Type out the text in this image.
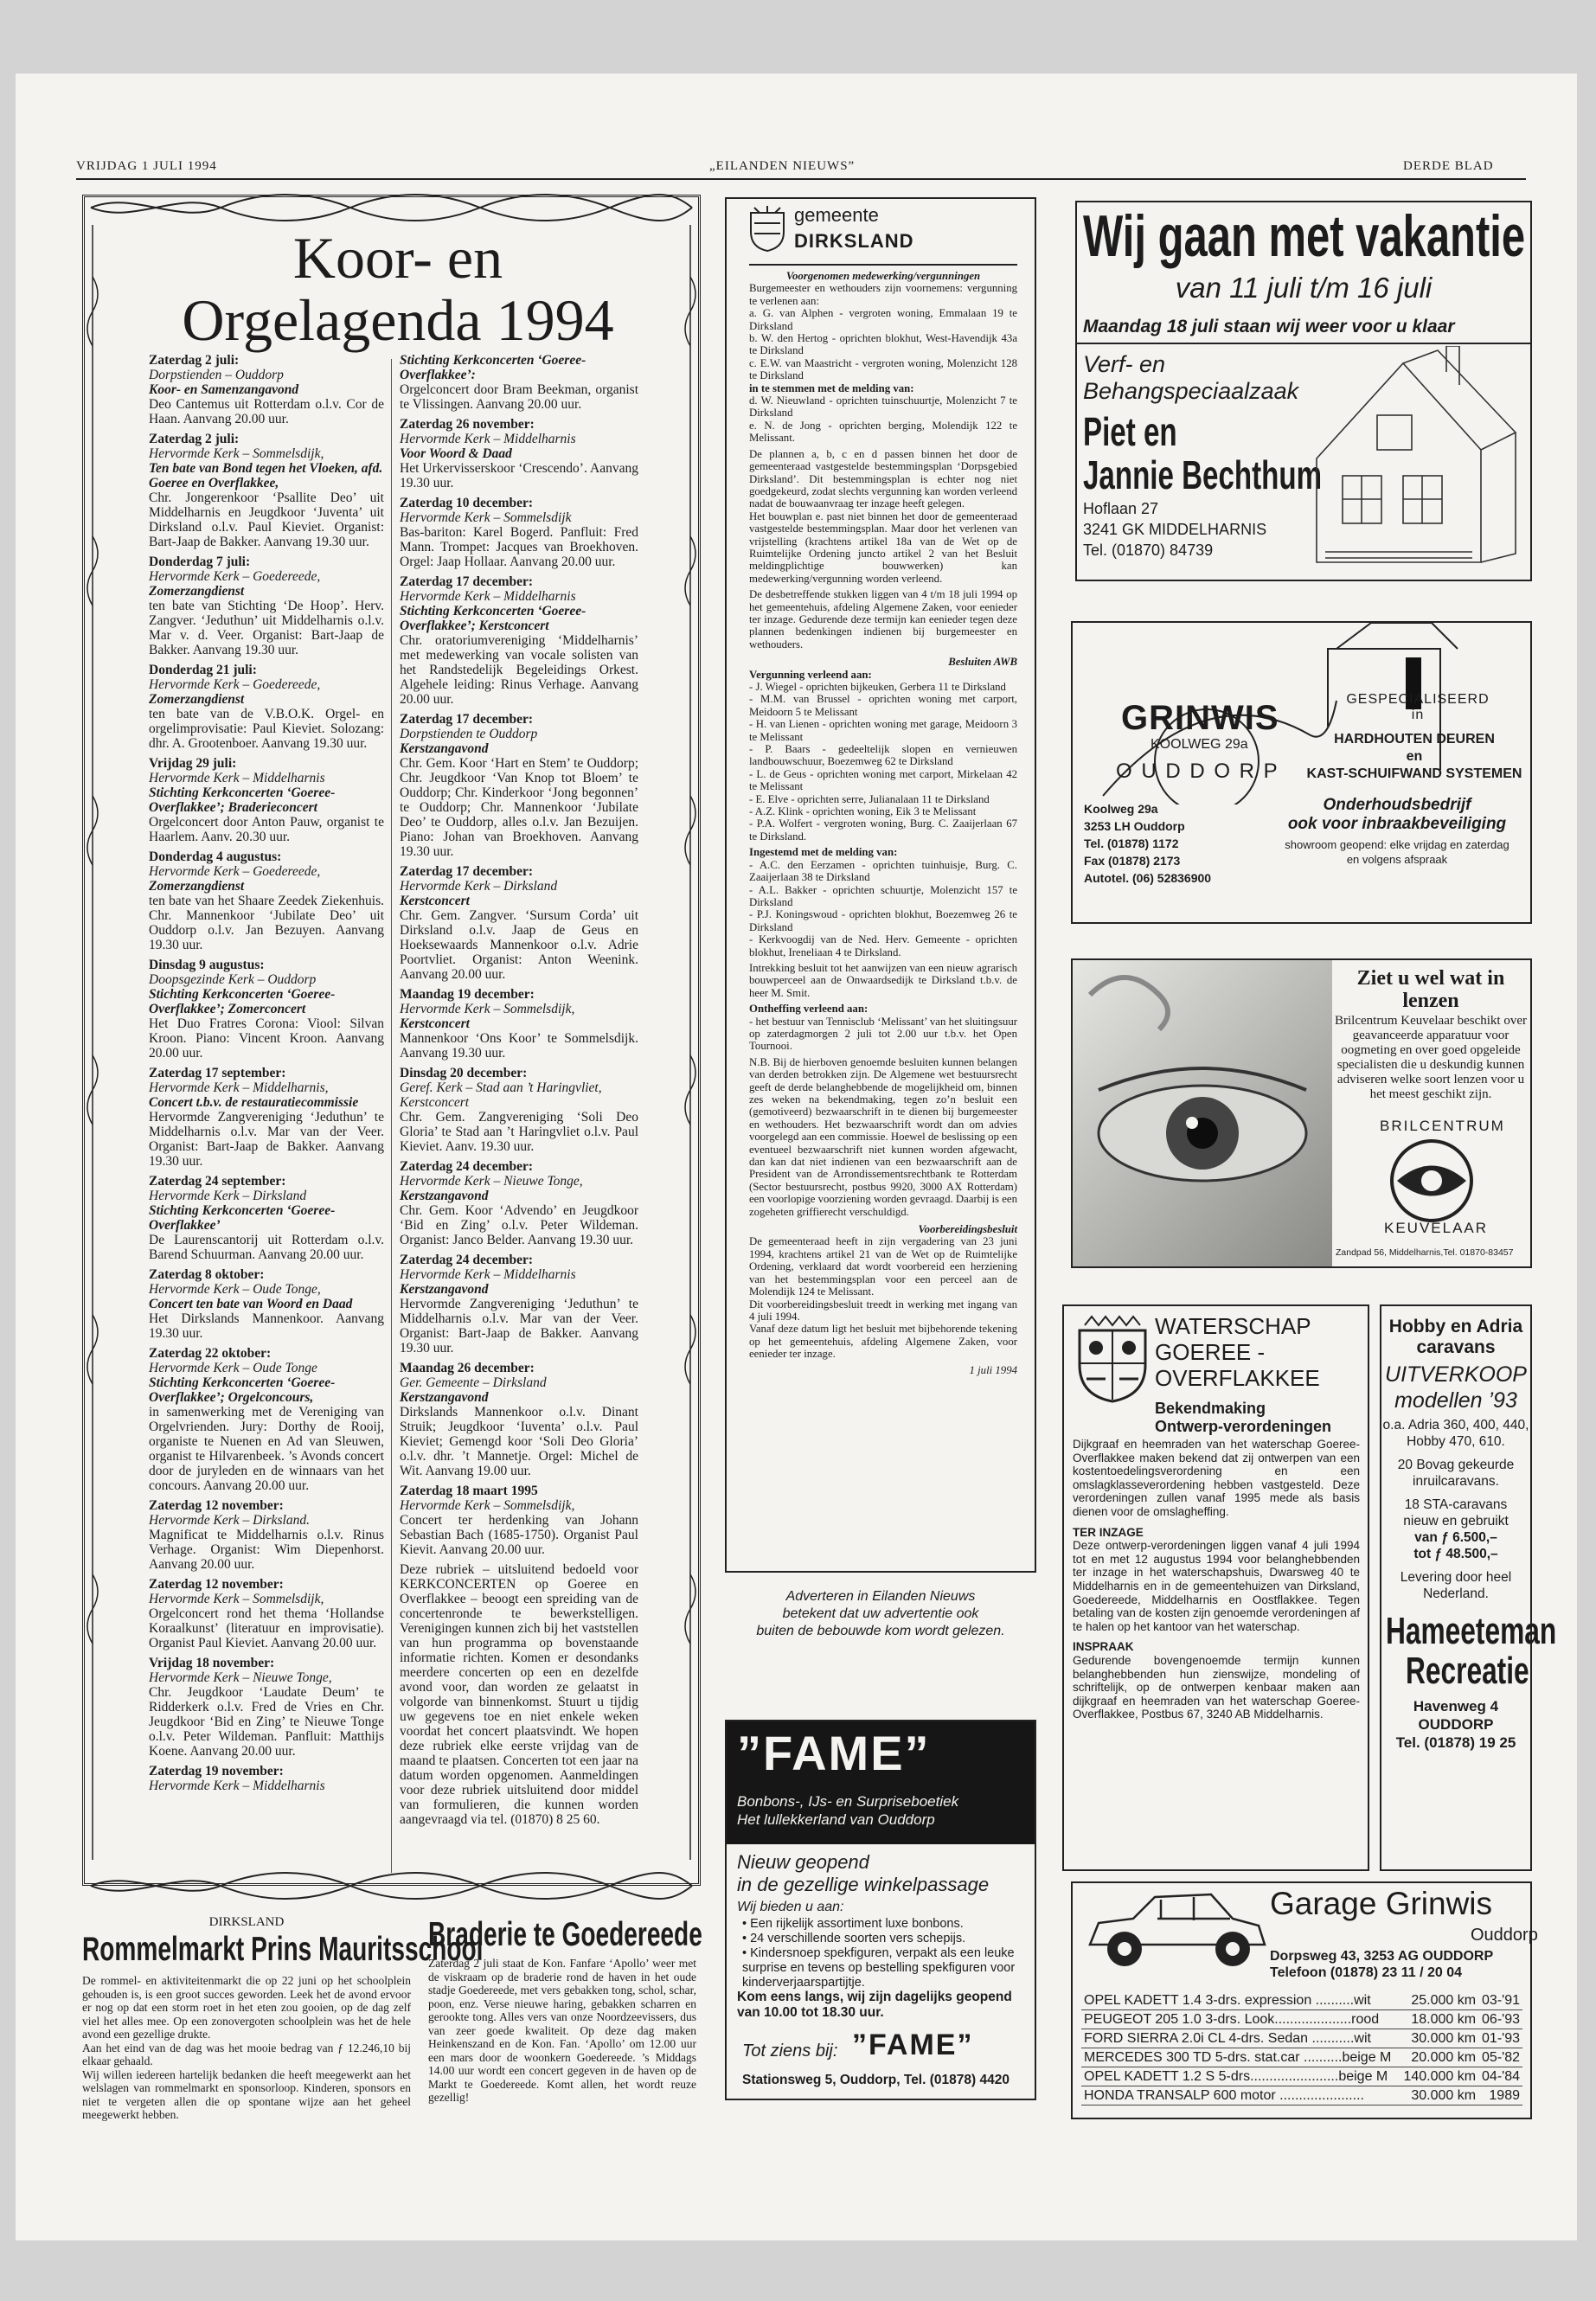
VRIJDAG 1 JULI 1994	„EILANDEN NIEUWS”	DERDE BLAD
Koor- en
Orgelagenda 1994
Zaterdag 2 juli:
Dorpstienden – Ouddorp
Koor- en Samenzangavond

Deo Cantemus uit Rotterdam o.l.v. Cor de Haan. Aanvang 20.00 uur.

Zaterdag 2 juli:
Hervormde Kerk – Sommelsdijk,
Ten bate van Bond tegen het Vloeken, afd. Goeree en Overflakkee,

Chr. Jongerenkoor ‘Psallite Deo’ uit Middelharnis en Jeugdkoor ‘Juventa’ uit Dirksland o.l.v. Paul Kieviet. Organist: Bart-Jaap de Bakker. Aanvang 19.30 uur.

Donderdag 7 juli:
Hervormde Kerk – Goedereede,
Zomerzangdienst

ten bate van Stichting ‘De Hoop’. Herv. Zangver. ‘Jeduthun’ uit Middelharnis o.l.v. Mar v. d. Veer. Organist: Bart-Jaap de Bakker. Aanvang 19.30 uur.

Donderdag 21 juli:
Hervormde Kerk – Goedereede,
Zomerzangdienst

ten bate van de V.B.O.K. Orgel- en orgelimprovisatie: Paul Kieviet. Solozang: dhr. A. Grootenboer. Aanvang 19.30 uur.

Vrijdag 29 juli:
Hervormde Kerk – Middelharnis
Stichting Kerkconcerten ‘Goeree-Overflakkee’; Braderieconcert

Orgelconcert door Anton Pauw, organist te Haarlem. Aanv. 20.30 uur.

Donderdag 4 augustus:
Hervormde Kerk – Goedereede,
Zomerzangdienst

ten bate van het Shaare Zeedek Ziekenhuis. Chr. Mannenkoor ‘Jubilate Deo’ uit Ouddorp o.l.v. Jan Bezuyen. Aanvang 19.30 uur.

Dinsdag 9 augustus:
Doopsgezinde Kerk – Ouddorp
Stichting Kerkconcerten ‘Goeree-Overflakkee’; Zomerconcert

Het Duo Fratres Corona: Viool: Silvan Kroon. Piano: Vincent Kroon. Aanvang 20.00 uur.

Zaterdag 17 september:
Hervormde Kerk – Middelharnis,
Concert t.b.v. de restauratiecommissie

Hervormde Zangvereniging ‘Jeduthun’ te Middelharnis o.l.v. Mar van der Veer. Organist: Bart-Jaap de Bakker. Aanvang 19.30 uur.

Zaterdag 24 september:
Hervormde Kerk – Dirksland
Stichting Kerkconcerten ‘Goeree-Overflakkee’

De Laurenscantorij uit Rotterdam o.l.v. Barend Schuurman. Aanvang 20.00 uur.

Zaterdag 8 oktober:
Hervormde Kerk – Oude Tonge,
Concert ten bate van Woord en Daad

Het Dirkslands Mannenkoor. Aanvang 19.30 uur.

Zaterdag 22 oktober:
Hervormde Kerk – Oude Tonge
Stichting Kerkconcerten ‘Goeree-Overflakkee’; Orgelconcours,

in samenwerking met de Vereniging van Orgelvrienden. Jury: Dorthy de Rooij, organiste te Nuenen en Ad van Sleuwen, organist te Hilvarenbeek. ’s Avonds concert door de juryleden en de winnaars van het concours. Aanvang 20.00 uur.

Zaterdag 12 november:
Hervormde Kerk – Dirksland.

Magnificat te Middelharnis o.l.v. Rinus Verhage. Organist: Wim Diepenhorst. Aanvang 20.00 uur.

Zaterdag 12 november:
Hervormde Kerk – Sommelsdijk,

Orgelconcert rond het thema ‘Hollandse Koraalkunst’ (literatuur en improvisatie). Organist Paul Kieviet. Aanvang 20.00 uur.

Vrijdag 18 november:
Hervormde Kerk – Nieuwe Tonge,

Chr. Jeugdkoor ‘Laudate Deum’ te Ridderkerk o.l.v. Fred de Vries en Chr. Jeugdkoor ‘Bid en Zing’ te Nieuwe Tonge o.l.v. Peter Wildeman. Panfluit: Matthijs Koene. Aanvang 20.00 uur.

Zaterdag 19 november:
Hervormde Kerk – Middelharnis
Stichting Kerkconcerten ‘Goeree-Overflakkee’:

Orgelconcert door Bram Beekman, organist te Vlissingen. Aanvang 20.00 uur.

Zaterdag 26 november:
Hervormde Kerk – Middelharnis
Voor Woord & Daad

Het Urkervisserskoor ‘Crescendo’. Aanvang 19.30 uur.

Zaterdag 10 december:
Hervormde Kerk – Sommelsdijk

Bas-bariton: Karel Bogerd. Panfluit: Fred Mann. Trompet: Jacques van Broekhoven. Orgel: Jaap Hollaar. Aanvang 20.00 uur.

Zaterdag 17 december:
Hervormde Kerk – Middelharnis
Stichting Kerkconcerten ‘Goeree-Overflakkee’; Kerstconcert

Chr. oratoriumvereniging ‘Middelharnis’ met medewerking van vocale solisten van het Randstedelijk Begeleidings Orkest. Algehele leiding: Rinus Verhage. Aanvang 20.00 uur.

Zaterdag 17 december:
Dorpstienden te Ouddorp
Kerstzangavond

Chr. Gem. Koor ‘Hart en Stem’ te Ouddorp; Chr. Jeugdkoor ‘Van Knop tot Bloem’ te Ouddorp; Chr. Kinderkoor ‘Jong begonnen’ te Ouddorp; Chr. Mannenkoor ‘Jubilate Deo’ te Ouddorp, alles o.l.v. Jan Bezuijen. Piano: Johan van Broekhoven. Aanvang 19.30 uur.

Zaterdag 17 december:
Hervormde Kerk – Dirksland
Kerstconcert

Chr. Gem. Zangver. ‘Sursum Corda’ uit Dirksland o.l.v. Jaap de Geus en Hoeksewaards Mannenkoor o.l.v. Adrie Poortvliet. Organist: Anton Weenink. Aanvang 20.00 uur.

Maandag 19 december:
Hervormde Kerk – Sommelsdijk,
Kerstconcert

Mannenkoor ‘Ons Koor’ te Sommelsdijk. Aanvang 19.30 uur.

Dinsdag 20 december:
Geref. Kerk – Stad aan ’t Haringvliet, Kerstconcert

Chr. Gem. Zangvereniging ‘Soli Deo Gloria’ te Stad aan ’t Haringvliet o.l.v. Paul Kieviet. Aanv. 19.30 uur.

Zaterdag 24 december:
Hervormde Kerk – Nieuwe Tonge,
Kerstzangavond

Chr. Gem. Koor ‘Advendo’ en Jeugdkoor ‘Bid en Zing’ o.l.v. Peter Wildeman. Organist: Janco Belder. Aanvang 19.30 uur.

Zaterdag 24 december:
Hervormde Kerk – Middelharnis
Kerstzangavond

Hervormde Zangvereniging ‘Jeduthun’ te Middelharnis o.l.v. Mar van der Veer. Organist: Bart-Jaap de Bakker. Aanvang 19.30 uur.

Maandag 26 december:
Ger. Gemeente – Dirksland
Kerstzangavond

Dirkslands Mannenkoor o.l.v. Dinant Struik; Jeugdkoor ‘Iuventa’ o.l.v. Paul Kieviet; Gemengd koor ‘Soli Deo Gloria’ o.l.v. dhr. ’t Mannetje. Orgel: Michel de Wit. Aanvang 19.00 uur.

Zaterdag 18 maart 1995
Hervormde Kerk – Sommelsdijk,

Concert ter herdenking van Johann Sebastian Bach (1685-1750). Organist Paul Kievit. Aanvang 20.00 uur.

Deze rubriek – uitsluitend bedoeld voor KERKCONCERTEN op Goeree en Overflakkee – beoogt een spreiding van de concertenronde te bewerkstelligen. Verenigingen kunnen zich bij het vaststellen van hun programma op bovenstaande informatie richten. Komen er desondanks meerdere concerten op een en dezelfde avond voor, dan worden ze gelaatst in volgorde van binnenkomst. Stuurt u tijdig uw gegevens toe en niet enkele weken voordat het concert plaatsvindt. We hopen deze rubriek elke eerste vrijdag van de maand te plaatsen. Concerten tot een jaar na datum worden opgenomen. Aanmeldingen voor deze rubriek uitsluitend door middel van formulieren, die kunnen worden aangevraagd via tel. (01870) 8 25 60.

DIRKSLAND
Rommelmarkt Prins Mauritsschool

De rommel- en aktiviteitenmarkt die op 22 juni op het schoolplein gehouden is, is een groot succes geworden. Leek het de avond ervoor er nog op dat een storm roet in het eten zou gooien, op de dag zelf viel het alles mee. Op een zonovergoten schoolplein was het de hele avond een gezellige drukte.

Aan het eind van de dag was het mooie bedrag van ƒ 12.246,10 bij elkaar gehaald.

Wij willen iedereen hartelijk bedanken die heeft meegewerkt aan het welslagen van rommelmarkt en sponsorloop. Kinderen, sponsors en niet te vergeten allen die op spontane wijze aan het geheel meegewerkt hebben.

Braderie te Goedereede
Zaterdag 2 juli staat de Kon. Fanfare ‘Apollo’ weer met de viskraam op de braderie rond de haven in het oude stadje Goedereede, met vers gebakken tong, schol, schar, poon, enz. Verse nieuwe haring, gebakken scharren en gerookte tong. Alles vers van onze Noordzeevissers, dus van zeer goede kwaliteit. Op deze dag maken Heinkenszand en de Kon. Fan. ‘Apollo’ om 12.00 uur een mars door de woonkern Goedereede. ’s Middags 14.00 uur wordt een concert gegeven in de haven op de Markt te Goedereede. Komt allen, het wordt reuze gezellig!
gemeente
DIRKSLAND

Voorgenomen medewerking/vergunningen

Burgemeester en wethouders zijn voornemens: vergunning te verlenen aan:

a. G. van Alphen - vergroten woning, Emmalaan 19 te Dirksland

b. W. den Hertog - oprichten blokhut, West-Havendijk 43a te Dirksland

c. E.W. van Maastricht - vergroten woning, Molenzicht 128 te Dirksland

in te stemmen met de melding van:

d. W. Nieuwland - oprichten tuinschuurtje, Molenzicht 7 te Dirksland

e. N. de Jong - oprichten berging, Molendijk 122 te Melissant.

De plannen a, b, c en d passen binnen het door de gemeenteraad vastgestelde bestemmingsplan ‘Dorpsgebied Dirksland’. Dit bestemmingsplan is echter nog niet goedgekeurd, zodat slechts vergunning kan worden verleend nadat de bouwaanvraag ter inzage heeft gelegen.

Het bouwplan e. past niet binnen het door de gemeenteraad vastgestelde bestemmingsplan. Maar door het verlenen van vrijstelling (krachtens artikel 18a van de Wet op de Ruimtelijke Ordening juncto artikel 2 van het Besluit meldingplichtige bouwwerken) kan medewerking/vergunning worden verleend.

De desbetreffende stukken liggen van 4 t/m 18 juli 1994 op het gemeentehuis, afdeling Algemene Zaken, voor eenieder ter inzage. Gedurende deze termijn kan eenieder tegen deze plannen bedenkingen indienen bij burgemeester en wethouders.

Besluiten AWB

Vergunning verleend aan:

- J. Wiegel - oprichten bijkeuken, Gerbera 11 te Dirksland

- M.M. van Brussel - oprichten woning met carport, Meidoorn 5 te Melissant

- H. van Lienen - oprichten woning met garage, Meidoorn 3 te Melissant

- P. Baars - gedeeltelijk slopen en vernieuwen landbouwschuur, Boezemweg 62 te Dirksland

- L. de Geus - oprichten woning met carport, Mirkelaan 42 te Melissant

- E. Elve - oprichten serre, Julianalaan 11 te Dirksland

- A.Z. Klink - oprichten woning, Eik 3 te Melissant

- P.A. Wolfert - vergroten woning, Burg. C. Zaaijerlaan 67 te Dirksland.

Ingestemd met de melding van:

- A.C. den Eerzamen - oprichten tuinhuisje, Burg. C. Zaaijerlaan 38 te Dirksland

- A.L. Bakker - oprichten schuurtje, Molenzicht 157 te Dirksland

- P.J. Koningswoud - oprichten blokhut, Boezemweg 26 te Dirksland

- Kerkvoogdij van de Ned. Herv. Gemeente - oprichten blokhut, Ireneliaan 4 te Dirksland.

Intrekking besluit tot het aanwijzen van een nieuw agrarisch bouwperceel aan de Onwaardsedijk te Dirksland t.b.v. de heer M. Smit.

Ontheffing verleend aan:

- het bestuur van Tennisclub ‘Melissant’ van het sluitingsuur op zaterdagmorgen 2 juli tot 2.00 uur t.b.v. het Open Tournooi.

N.B. Bij de hierboven genoemde besluiten kunnen belangen van derden betrokken zijn. De Algemene wet bestuursrecht geeft de derde belanghebbende de mogelijkheid om, binnen zes weken na bekendmaking, tegen zo’n besluit een (gemotiveerd) bezwaarschrift in te dienen bij burgemeester en wethouders. Het bezwaarschrift wordt dan om advies voorgelegd aan een commissie. Hoewel de beslissing op een eventueel bezwaarschrift niet kunnen worden afgewacht, dan kan dat niet indienen van een bezwaarschrift aan de President van de Arrondissementsrechtbank te Rotterdam (Sector bestuursrecht, postbus 9920, 3000 AX Rotterdam) een voorlopige voorziening worden gevraagd. Daarbij is een zogeheten griffierecht verschuldigd.

Voorbereidingsbesluit

De gemeenteraad heeft in zijn vergadering van 23 juni 1994, krachtens artikel 21 van de Wet op de Ruimtelijke Ordening, verklaard dat wordt voorbereid een herziening van het bestemmingsplan voor een perceel aan de Molendijk 124 te Melissant.

Dit voorbereidingsbesluit treedt in werking met ingang van 4 juli 1994.

Vanaf deze datum ligt het besluit met bijbehorende tekening op het gemeentehuis, afdeling Algemene Zaken, voor eenieder ter inzage.

1 juli 1994

Adverteren in Eilanden Nieuws
betekent dat uw advertentie ook
buiten de bebouwde kom wordt gelezen.
”FAME”
Bonbons-, IJs- en Surpriseboetiek
Het lullekkerland van Ouddorp
Nieuw geopend
in de gezellige winkelpassage
Wij bieden u aan:
• Een rijkelijk assortiment luxe bonbons.
• 24 verschillende soorten vers schepijs.
• Kindersnoep spekfiguren, verpakt als een leuke surprise en tevens op bestelling spekfiguren voor kinderverjaarspartijtje.
Kom eens langs, wij zijn dagelijks geopend van 10.00 tot 18.30 uur.
Tot ziens bij: ”FAME”
Stationsweg 5, Ouddorp, Tel. (01878) 4420
Wij gaan met vakantie
van 11 juli t/m 16 juli
Maandag 18 juli staan wij weer voor u klaar
Verf- en
Behangspeciaalzaak
Piet en
Jannie Bechthum
Hoflaan 27
3241 GK MIDDELHARNIS
Tel. (01870) 84739
GRINWIS
KOOLWEG 29a
O U D D O R P
GESPECIALISEERD
in
HARDHOUTEN DEUREN
en
KAST-SCHUIFWAND SYSTEMEN
Koolweg 29a
3253 LH Ouddorp
Tel. (01878) 1172
Fax (01878) 2173
Autotel. (06) 52836900
Onderhoudsbedrijf
ook voor inbraakbeveiliging
showroom geopend: elke vrijdag en zaterdag
en volgens afspraak
Ziet u wel wat in
lenzen
Brilcentrum Keuvelaar beschikt over geavanceerde apparatuur voor oogmeting en over goed opgeleide specialisten die u deskundig kunnen adviseren welke soort lenzen voor u het meest geschikt zijn.
BRILCENTRUM
KEUVELAAR
Zandpad 56, Middelharnis,Tel. 01870-83457
WATERSCHAP
GOEREE -
OVERFLAKKEE
Bekendmaking
Ontwerp-verordeningen

Dijkgraaf en heemraden van het waterschap Goeree-Overflakkee maken bekend dat zij ontwerpen van een kostentoedelingsverordening en een omslagklasseverordening hebben vastgesteld. Deze verordeningen zullen vanaf 1995 mede als basis dienen voor de omslagheffing.

TER INZAGE

Deze ontwerp-verordeningen liggen vanaf 4 juli 1994 tot en met 12 augustus 1994 voor belanghebbenden ter inzage in het waterschapshuis, Dwarsweg 40 te Middelharnis en in de gemeentehuizen van Dirksland, Goedereede, Middelharnis en Oostflakkee. Tegen betaling van de kosten zijn genoemde verordeningen af te halen op het kantoor van het waterschap.

INSPRAAK

Gedurende bovengenoemde termijn kunnen belanghebbenden hun zienswijze, mondeling of schriftelijk, op de ontwerpen kenbaar maken aan dijkgraaf en heemraden van het waterschap Goeree-Overflakkee, Postbus 67, 3240 AB Middelharnis.

Hobby en Adria
caravans
UITVERKOOP
modellen ’93
o.a. Adria 360, 400, 440,
Hobby 470, 610.
20 Bovag gekeurde
inruilcaravans.
18 STA-caravans
nieuw en gebruikt
van ƒ 6.500,–
tot ƒ 48.500,–
Levering door heel
Nederland.
Hameeteman
Recreatie
Havenweg 4
OUDDORP
Tel. (01878) 19 25
Garage Grinwis
Ouddorp
Dorpsweg 43, 3253 AG OUDDORP
Telefoon (01878) 23 11 / 20 04
OPEL KADETT 1.4 3-drs. expression ..........wit	25.000 km	03-'91
PEUGEOT 205 1.0 3-drs. Look....................rood	18.000 km	06-'93
FORD SIERRA 2.0i CL 4-drs. Sedan ...........wit	30.000 km	01-'93
MERCEDES 300 TD 5-drs. stat.car ..........beige M	20.000 km	05-'82
OPEL KADETT 1.2 S 5-drs.......................beige M	140.000 km	04-'84
HONDA TRANSALP 600 motor ......................	30.000 km	1989
